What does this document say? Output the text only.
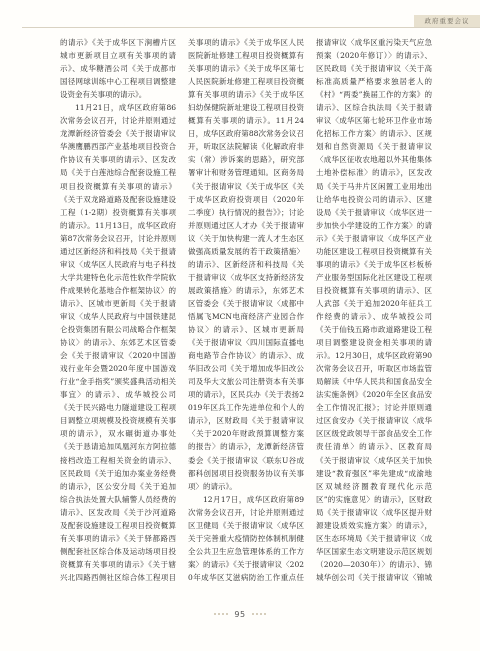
政府重要会议

的请示》《关于成华区下涧槽片区城市更新项目立项有关事项的请示》、成华糖酒公司《关于成都市国径网球训练中心工程项目调整建设资金有关事项的请示》。

11月21日，成华区政府第86次常务会议召开，讨论并原则通过龙潭新经济管委会《关于报请审议华澳鹰鹏西部产业基地项目投资合作协议有关事项的请示》、区发改局《关于白莲池综合配套设施工程项目投资概算有关事项的请示》《关于双龙路道路及配套设施建设工程（1-2期）投资概算有关事项的请示》。11月13日，成华区政府第87次常务会议召开，讨论并原则通过区新经济和科技局《关于报请审议〈成华区人民政府与电子科技大学共建特色化示范性软件学院软件成果转化基地合作框架协议〉的请示》、区城市更新局《关于报请审议〈成华人民政府与中国铁建昆仑投资集团有限公司战略合作框架协议〉的请示》、东郊艺术区管委会《关于报请审议〈2020中国游戏行业年会暨2020年度中国游戏行业“金手指奖”颁奖盛典活动相关事宜〉的请示》、成华城投公司《关于民兴路电力隧道建设工程项目调整立项规模及投资规模有关事项的请示》，双水碾街道办事处《关于恳请追加凤凰河东方阿拉德接档改造工程相关资金的请示》、区民政局《关于追加办案业务经费的请示》，区公安分局《关于追加综合执法处置大队辅警人员经费的请示》、区发改局《关于沙河道路及配套设施建设工程项目投资概算有关事项的请示》《关于驿都路西侧配套社区综合体及运动场项目投资概算有关事项的请示》《关于辖兴北四路西侧社区综合体工程项目

关事项的请示》《关于成华区人民医院新址修建工程项目投资概算有关事项的请示》《关于成华区第七人民医院新址修建工程项目投资概算有关事项的请示》《关于成华区妇幼保健院新址建设工程项目投资概算有关事项的请示》。11月24日，成华区政府第88次常务会议召开，听取区法院解读《化解政府非实（常）涉诉案的思路》，研究部署审计和财务管理通知。区商务局《关于报请审议《关于成华区《关于成华区政府投资项目（2020年二季度）执行情况的报告》》；讨论并原则通过区人才办《关于报请审议〈关于加快构建一流人才生态区做强高质量发展的若干政策措施〉的请示》、区新经济和科技局《关于报请审议〈成华区支持新经济发展政策措施〉的请示》，东郊艺术区管委会《关于报请审议〈成都中悟属飞MCN电商经济产业园合作协议〉的请示》、区城市更新局《关于报请审议〈四川国际直播电商电路节合作协议〉的请示》、成华旧改公司《关于增加成华旧改公司及华大文旅公司注册资本有关事项的请示》，区民兵办《关于表扬2019年区兵工作先进单位和个人的请示》，区财政局《关于报请审议〈关于2020年财政预算调整方案的报告〉的请示》，龙潭新经济管委会《关于报请审议〈联东U谷成都科创园项目投资服务协议有关事项〉的请示》。

12月17日，成华区政府第89次常务会议召开，讨论并原则通过区卫健局《关于报请审议〈成华区关于完善重大疫情防控体制机制健全公共卫生应急管理体系的工作方案〉的请示》《关于报请审议〈2020年成华区艾滋病防治工作重点任

报请审议〈成华区重污染天气应急预案（2020年修订）〉的请示》、区民政局《关于报请审议〈关于高标准高质量严格要求独居老人的《村》“两委”换届工作的方案》的请示》、区综合执法局《关于报请审议〈成华区第七轮环卫作业市场化招标工作方案〉的请示》、区规划和自然资源局《关于报请审议〈成华区征收农地超以外其他集体土地补偿标准〉的请示》，区发改局《关于马井片区闲置工业用地出让给华电投资公司的请示》、区建设局《关于报请审议〈成华区进一步加快小学建设的工作方案〉的请示》《关于报请审议〈成华区产业功能区建设工程项目投资概算有关事项的请示》《关于成华区杉板桥产业服务型国际化社区建设工程项目投资概算有关事项的请示》、区人武部《关于追加2020年征兵工作经费的请示》、成华城投公司《关于仙钱五路市政道路建设工程项目调整建设资金相关事项的请示》。12月30日，成华区政府第90次常务会议召开，听取区市场监管局解读《中华人民共和国食品安全法实施条例》《2020年全区食品安全工作情况汇报》；讨论并原则通过区食安办《关于报请审议〈成华区区级党政领导干部食品安全工作责任清单〉的请示》、区教育局《关于报请审议〈成华区关于加快建设“教育强区”率先建成“成渝地区双城经济圈教育现代化示范区”的实施意见〉的请示》，区财政局《关于报请审议〈成华区提升财源建设质效实施方案〉的请示》，区生态环境局《关于报请审议〈成华区国家生态文明建设示范区规划（2020—2030年）〉的请示》、锦城华创公司《关于报请审议〈锦城

95
